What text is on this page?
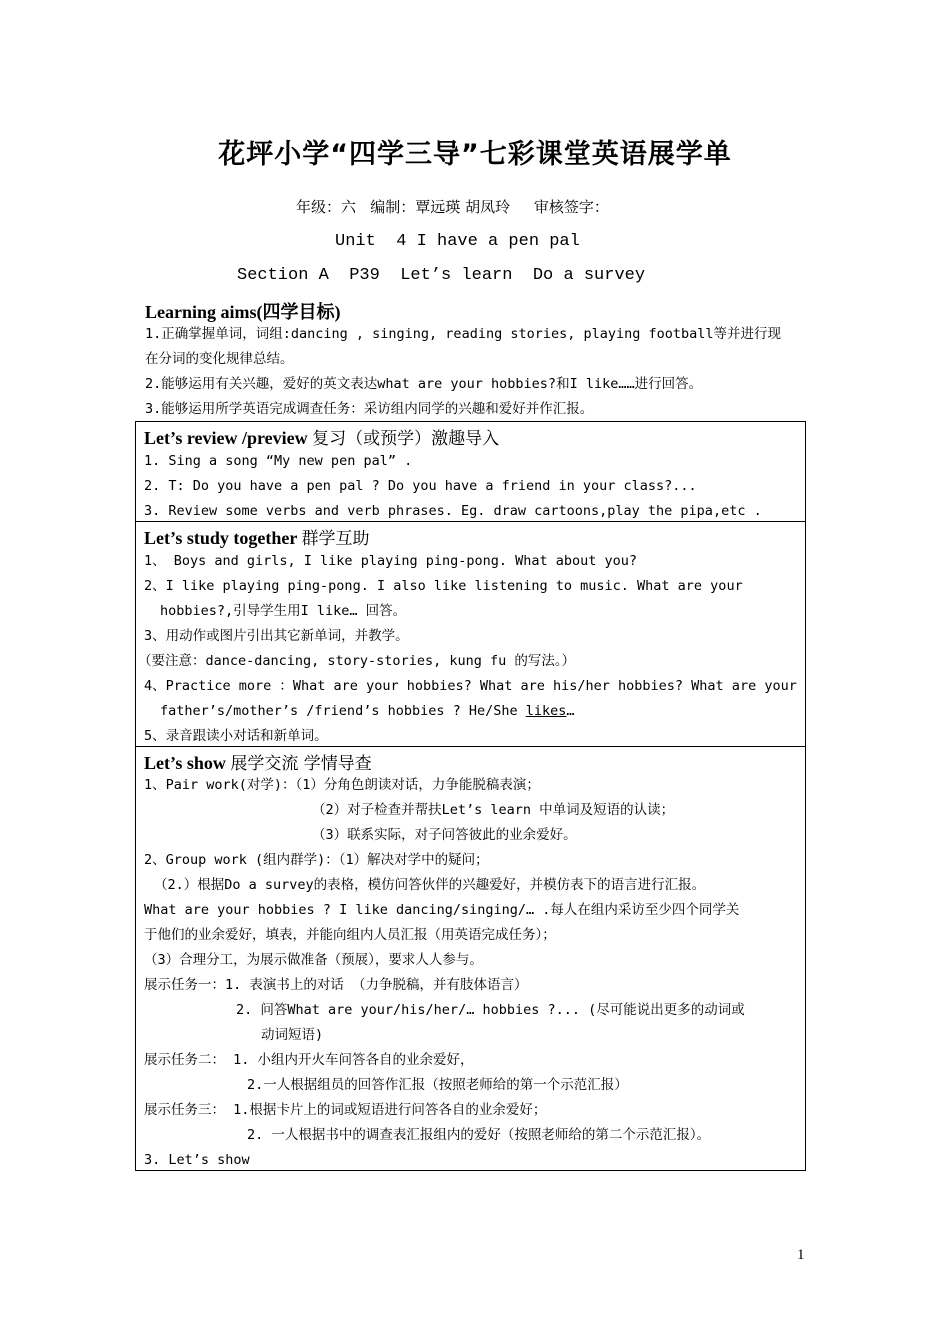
花坪小学“四学三导”七彩课堂英语展学单
年级：六   编制：覃远瑛 胡凤玲     审核签字：
Unit  4 I have a pen pal
Section A  P39  Let’s learn  Do a survey
Learning aims(四学目标)
1.正确掌握单词，词组:dancing , singing, reading stories, playing football等并进行现
在分词的变化规律总结。
2.能够运用有关兴趣，爱好的英文表达what are your hobbies?和I like……进行回答。
3.能够运用所学英语完成调查任务：采访组内同学的兴趣和爱好并作汇报。
Let’s review /preview 复习（或预学）激趣导入
1. Sing a song “My new pen pal” .
2. T: Do you have a pen pal ? Do you have a friend in your class?...
3. Review some verbs and verb phrases. Eg. draw cartoons,play the pipa,etc .
Let’s study together 群学互助
1、 Boys and girls, I like playing ping-pong. What about you?
2、I like playing ping-pong. I also like listening to music. What are your
hobbies?,引导学生用I like… 回答。
3、用动作或图片引出其它新单词，并教学。
（要注意：dance-dancing, story-stories, kung fu 的写法。）
4、Practice more ：What are your hobbies? What are his/her hobbies? What are your
father’s/mother’s /friend’s hobbies ? He/She likes…
5、录音跟读小对话和新单词。
Let’s show 展学交流 学情导查
1、Pair work(对学)：（1）分角色朗读对话，力争能脱稿表演；
（2）对子检查并帮扶Let’s learn 中单词及短语的认读；
（3）联系实际，对子问答彼此的业余爱好。
2、Group work (组内群学)：（1）解决对学中的疑问；
（2.）根据Do a survey的表格，模仿问答伙伴的兴趣爱好，并模仿表下的语言进行汇报。
What are your hobbies ? I like dancing/singing/… .每人在组内采访至少四个同学关
于他们的业余爱好，填表，并能向组内人员汇报（用英语完成任务）；
（3）合理分工，为展示做准备（预展），要求人人参与。
展示任务一：1. 表演书上的对话 （力争脱稿，并有肢体语言）
2. 问答What are your/his/her/… hobbies ?... (尽可能说出更多的动词或
动词短语)
展示任务二： 1. 小组内开火车问答各自的业余爱好，
2.一人根据组员的回答作汇报（按照老师给的第一个示范汇报）
展示任务三： 1.根据卡片上的词或短语进行问答各自的业余爱好；
2. 一人根据书中的调查表汇报组内的爱好（按照老师给的第二个示范汇报）。
3. Let’s show
1
